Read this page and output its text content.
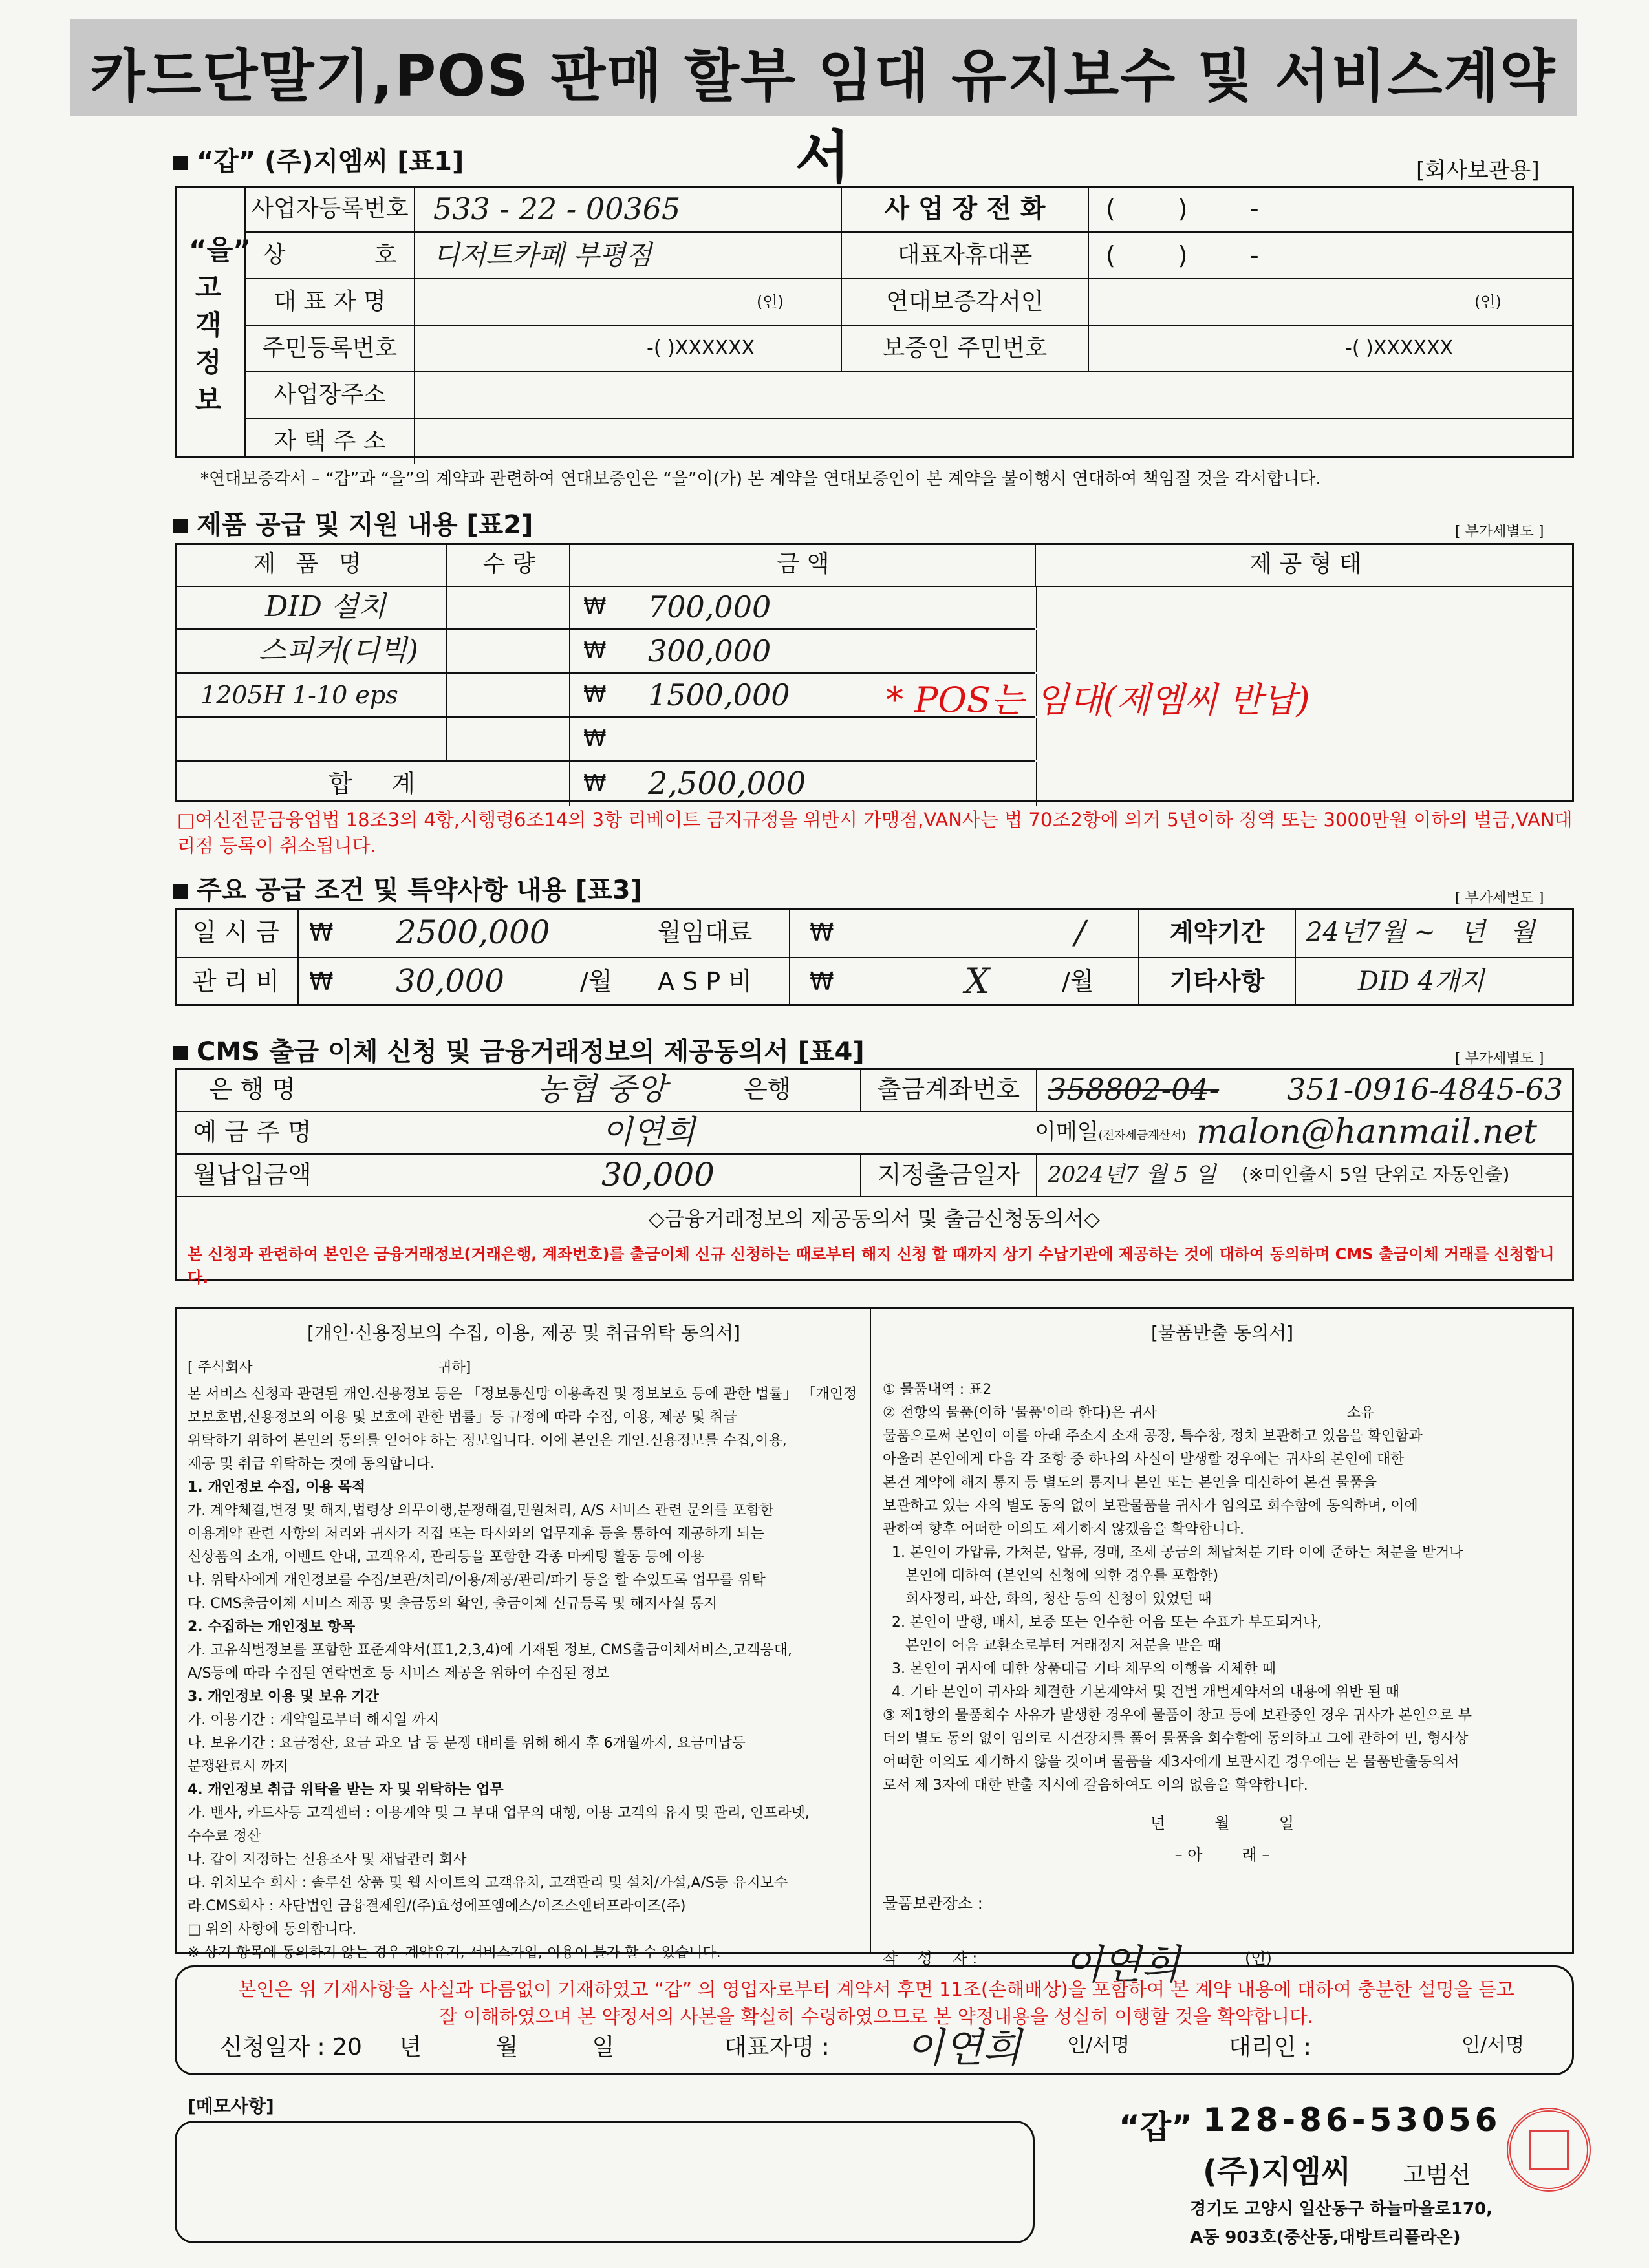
카드단말기,POS 판매 할부 임대 유지보수 및 서비스계약서
“갑” (주)지엠씨 [표1]	[회사보관용]
“을” 고객정보
사업자등록번호 533 - 22 - 00365	사 업 장 전 화	(        )        -
상            호	디저트카페 부평점	대표자휴대폰	(        )        -
대 표 자 명	(인)	연대보증각서인	(인)
주민등록번호	-( )XXXXXX	보증인 주민번호	-( )XXXXXX
사업장주소
자 택 주 소
*연대보증각서 – “갑”과 “을”의 계약과 관련하여 연대보증인은 “을”이(가) 본 계약을 연대보증인이 본 계약을 불이행시 연대하여 책임질 것을 각서합니다.
제품 공급 및 지원 내용 [표2]	[ 부가세별도 ]
제 품 명	수 량	금 액	제 공 형 태
DID 설치	₩ 700,000
스피커(디빅)	₩ 300,000
1205H 1-10 eps	₩ 1500,000
₩
합     계	₩ 2,500,000
* POS는 임대(제엠씨 반납)
□여신전문금융업법 18조3의 4항,시행령6조14의 3항 리베이트 금지규정을 위반시 가맹점,VAN사는 법 70조2항에 의거 5년이하 징역 또는 3000만원 이하의 벌금,VAN대리점 등록이 취소됩니다.
주요 공급 조건 및 특약사항 내용 [표3]	[ 부가세별도 ]
일 시 금	₩ 2500,000	월임대료	₩	/	계약기간	24년7월 ~   년   월
관 리 비	₩ 30,000	/월	A S P 비	₩	X	/월	기타사항	DID 4개지
CMS 출금 이체 신청 및 금융거래정보의 제공동의서 [표4]	[ 부가세별도 ]
은 행 명	농협 중앙	은행	출금계좌번호 358802-04- 351-0916-4845-63
예 금 주 명	이연희	이메일(전자세금계산서) malon@hanmail.net
월납입금액	30,000	지정출금일자	2024년7 월 5 일 (※미인출시 5일 단위로 자동인출)
◇금융거래정보의 제공동의서 및 출금신청동의서◇
본 신청과 관련하여 본인은 금융거래정보(거래은행, 계좌번호)를 출금이체 신규 신청하는 때로부터 해지 신청 할 때까지 상기 수납기관에 제공하는 것에 대하여 동의하며 CMS 출금이체 거래를 신청합니다.
[개인·신용정보의 수집, 이용, 제공 및 취급위탁 동의서]
[ 주식회사                                         귀하]
본 서비스 신청과 관련된 개인.신용정보 등은 「정보통신망 이용촉진 및 정보보호 등에 관한 법률」 「개인정보보호법,신용정보의 이용 및 보호에 관한 법률」등 규정에 따라 수집, 이용, 제공 및 취급
위탁하기 위하여 본인의 동의를 얻어야 하는 정보입니다. 이에 본인은 개인.신용정보를 수집,이용,
제공 및 취급 위탁하는 것에 동의합니다.
1. 개인정보 수집, 이용 목적
가. 계약체결,변경 및 해지,법령상 의무이행,분쟁해결,민원처리, A/S 서비스 관련 문의를 포함한
이용계약 관련 사항의 처리와 귀사가 직접 또는 타사와의 업무제휴 등을 통하여 제공하게 되는
신상품의 소개, 이벤트 안내, 고객유지, 관리등을 포함한 각종 마케팅 활동 등에 이용
나. 위탁사에게 개인정보를 수집/보관/처리/이용/제공/관리/파기 등을 할 수있도록 업무를 위탁
다. CMS출금이체 서비스 제공 및 출금동의 확인, 출금이체 신규등록 및 해지사실 통지
2. 수집하는 개인정보 항목
가. 고유식별정보를 포함한 표준계약서(표1,2,3,4)에 기재된 정보, CMS출금이체서비스,고객응대,
A/S등에 따라 수집된 연락번호 등 서비스 제공을 위하여 수집된 정보
3. 개인정보 이용 및 보유 기간
가. 이용기간 : 계약일로부터 해지일 까지
나. 보유기간 : 요금정산, 요금 과오 납 등 분쟁 대비를 위해 해지 후 6개월까지, 요금미납등
분쟁완료시 까지
4. 개인정보 취급 위탁을 받는 자 및 위탁하는 업무
가. 밴사, 카드사등 고객센터 : 이용계약 및 그 부대 업무의 대행, 이용 고객의 유지 및 관리, 인프라넷,
수수료 정산
나. 갑이 지정하는 신용조사 및 채납관리 회사
다. 위치보수 회사 : 솔루션 상품 및 웹 사이트의 고객유치, 고객관리 및 설치/가설,A/S등 유지보수
라.CMS회사 : 사단법인 금융결제원/(주)효성에프엠에스/이즈스엔터프라이즈(주)
□ 위의 사항에 동의합니다.
※ 상기 항목에 동의하지 않는 경우 계약유지, 서비스가입, 이용이 불가 할 수 있습니다.
[물품반출 동의서]
① 물품내역 : 표2
② 전항의 물품(이하 '물품'이라 한다)은 귀사                                          소유
물품으로써 본인이 이를 아래 주소지 소재 공장, 특수창, 정치 보관하고 있음을 확인함과
아울러 본인에게 다음 각 조항 중 하나의 사실이 발생할 경우에는 귀사의 본인에 대한
본건 계약에 해지 통지 등 별도의 통지나 본인 또는 본인을 대신하여 본건 물품을
보관하고 있는 자의 별도 동의 없이 보관물품을 귀사가 임의로 회수함에 동의하며, 이에
관하여 향후 어떠한 이의도 제기하지 않겠음을 확약합니다.
1. 본인이 가압류, 가처분, 압류, 경매, 조세 공금의 체납처분 기타 이에 준하는 처분을 받거나
본인에 대하여 (본인의 신청에 의한 경우를 포함한)
회사정리, 파산, 화의, 청산 등의 신청이 있었던 때
2. 본인이 발행, 배서, 보증 또는 인수한 어음 또는 수표가 부도되거나,
본인이 어음 교환소로부터 거래정지 처분을 받은 때
3. 본인이 귀사에 대한 상품대금 기타 채무의 이행을 지체한 때
4. 기타 본인이 귀사와 체결한 기본계약서 및 건별 개별계약서의 내용에 위반 된 때
③ 제1항의 물품회수 사유가 발생한 경우에 물품이 창고 등에 보관중인 경우 귀사가 본인으로 부
터의 별도 동의 없이 임의로 시건장치를 풀어 물품을 회수함에 동의하고 그에 관하여 민, 형사상
어떠한 이의도 제기하지 않을 것이며 물품을 제3자에게 보관시킨 경우에는 본 물품반출동의서
로서 제 3자에 대한 반출 지시에 갈음하여도 이의 없음을 확약합니다.
년          월          일
– 아        래 –
물품보관장소 :
작    성    자 : 이연희	(인)
본인은 위 기재사항을 사실과 다름없이 기재하였고 “갑” 의 영업자로부터 계약서 후면 11조(손해배상)을 포함하여 본 계약 내용에 대하여 충분한 설명을 듣고 잘 이해하였으며 본 약정서의 사본을 확실히 수령하였으므로 본 약정내용을 성실히 이행할 것을 확약합니다.
신청일자 : 20     년          월          일	대표자명 : 이연희 인/서명	대리인 :	인/서명
[메모사항]
“갑” 128-86-53056
(주)지엠씨 고범선
경기도 고양시 일산동구 하늘마을로170,
A동 903호(중산동,대방트리플라온)
